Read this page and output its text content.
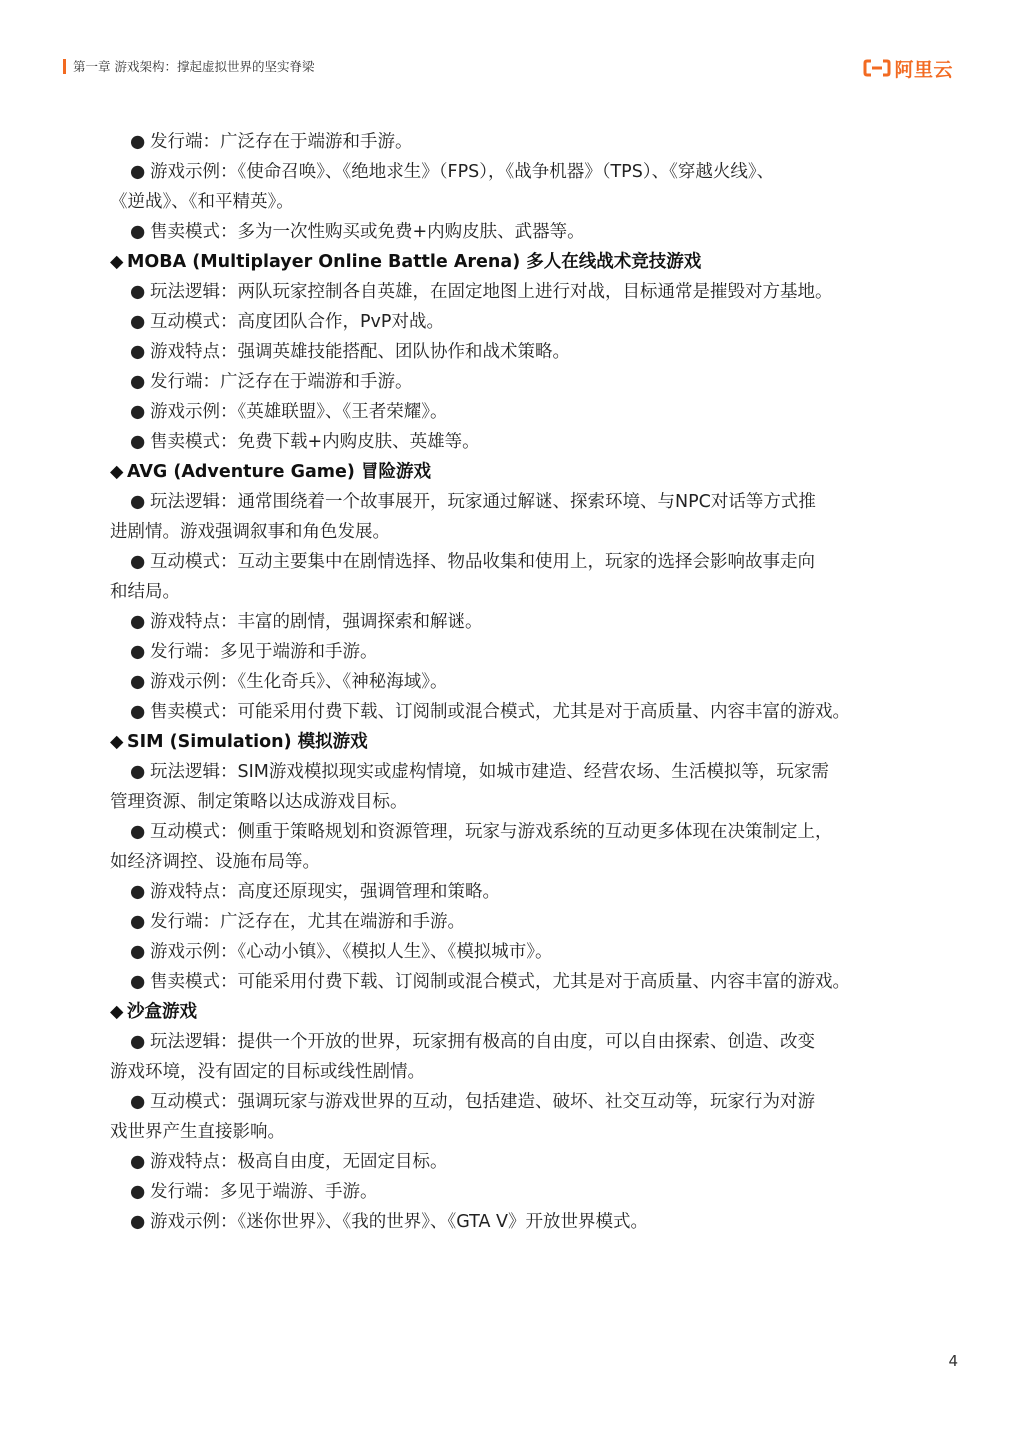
第一章 游戏架构：撑起虚拟世界的坚实脊梁	阿里云
● 发行端：广泛存在于端游和手游。
● 游戏示例：《使命召唤》、《绝地求生》（FPS），《战争机器》（TPS）、《穿越火线》、
《逆战》、《和平精英》。
● 售卖模式：多为一次性购买或免费+内购皮肤、武器等。
◆ MOBA (Multiplayer Online Battle Arena) 多人在线战术竞技游戏
● 玩法逻辑：两队玩家控制各自英雄，在固定地图上进行对战，目标通常是摧毁对方基地。
● 互动模式：高度团队合作，PvP对战。
● 游戏特点：强调英雄技能搭配、团队协作和战术策略。
● 发行端：广泛存在于端游和手游。
● 游戏示例：《英雄联盟》、《王者荣耀》。
● 售卖模式：免费下载+内购皮肤、英雄等。
◆ AVG (Adventure Game) 冒险游戏
● 玩法逻辑：通常围绕着一个故事展开，玩家通过解谜、探索环境、与NPC对话等方式推
进剧情。游戏强调叙事和角色发展。
● 互动模式：互动主要集中在剧情选择、物品收集和使用上，玩家的选择会影响故事走向
和结局。
● 游戏特点：丰富的剧情，强调探索和解谜。
● 发行端：多见于端游和手游。
● 游戏示例：《生化奇兵》、《神秘海域》。
● 售卖模式：可能采用付费下载、订阅制或混合模式，尤其是对于高质量、内容丰富的游戏。
◆ SIM (Simulation) 模拟游戏
● 玩法逻辑：SIM游戏模拟现实或虚构情境，如城市建造、经营农场、生活模拟等，玩家需
管理资源、制定策略以达成游戏目标。
● 互动模式：侧重于策略规划和资源管理，玩家与游戏系统的互动更多体现在决策制定上，
如经济调控、设施布局等。
● 游戏特点：高度还原现实，强调管理和策略。
● 发行端：广泛存在，尤其在端游和手游。
● 游戏示例：《心动小镇》、《模拟人生》、《模拟城市》。
● 售卖模式：可能采用付费下载、订阅制或混合模式，尤其是对于高质量、内容丰富的游戏。
◆ 沙盒游戏
● 玩法逻辑：提供一个开放的世界，玩家拥有极高的自由度，可以自由探索、创造、改变
游戏环境，没有固定的目标或线性剧情。
● 互动模式：强调玩家与游戏世界的互动，包括建造、破坏、社交互动等，玩家行为对游
戏世界产生直接影响。
● 游戏特点：极高自由度，无固定目标。
● 发行端：多见于端游、手游。
● 游戏示例：《迷你世界》、《我的世界》、《GTA V》开放世界模式。
4
